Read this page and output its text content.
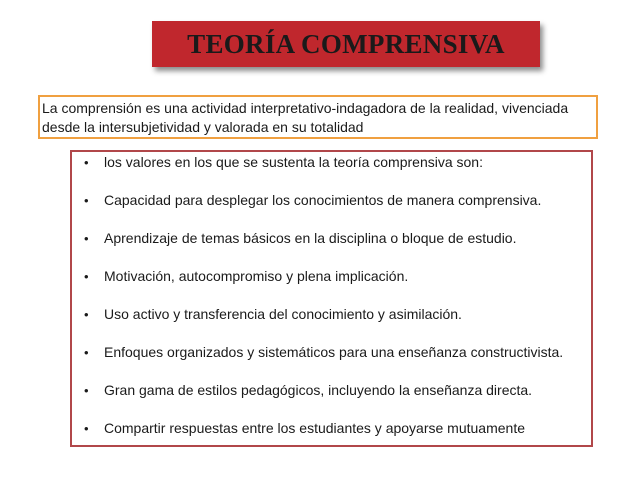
TEORÍA COMPRENSIVA
La comprensión es una actividad interpretativo-indagadora de la realidad, vivenciada
desde la intersubjetividad y valorada en su totalidad
•	los valores en los que se sustenta la teoría comprensiva son:
•	Capacidad para desplegar los conocimientos de manera comprensiva.
•	Aprendizaje de temas básicos en la disciplina o bloque de estudio.
•	Motivación, autocompromiso y plena implicación.
•	Uso activo y transferencia del conocimiento y asimilación.
•	Enfoques organizados y sistemáticos para una enseñanza constructivista.
•	Gran gama de estilos pedagógicos, incluyendo la enseñanza directa.
•	Compartir respuestas entre los estudiantes y apoyarse mutuamente
